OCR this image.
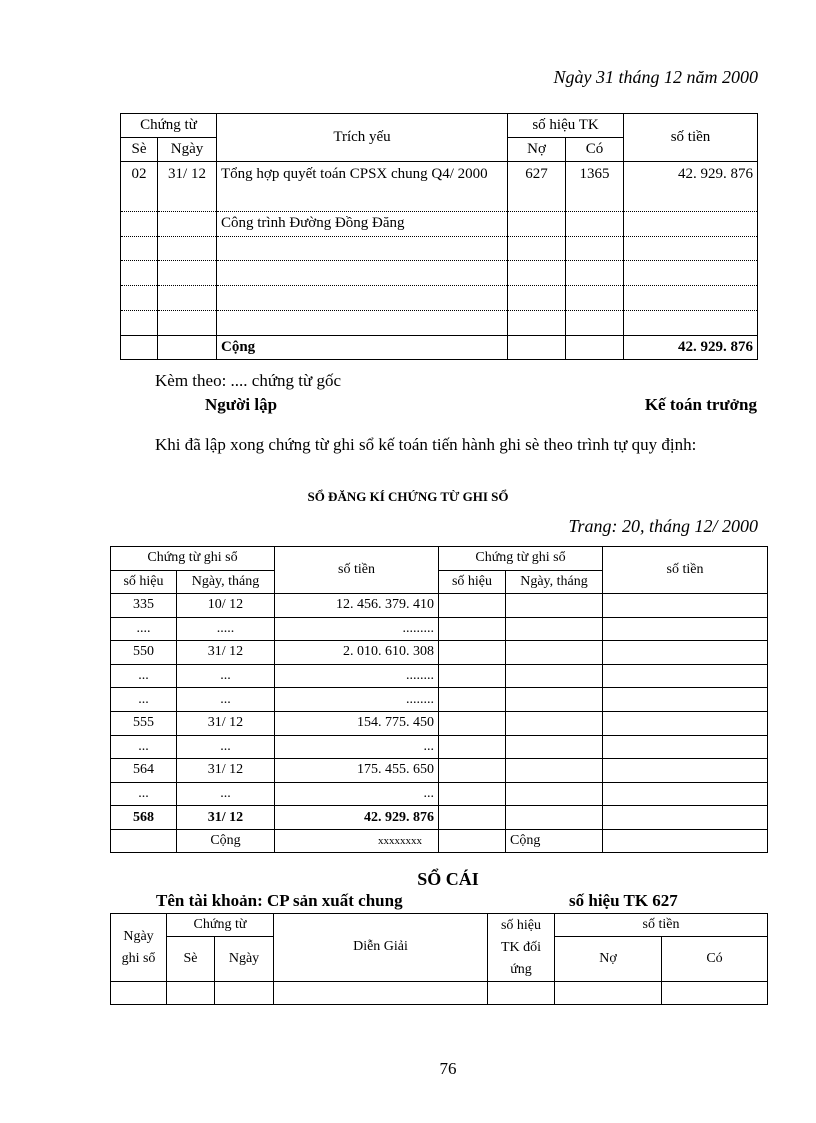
Ngày 31 tháng 12 năm 2000
Chứng từ		Trích yếu	số hiệu TK		số tiền
Sè	Ngày		Nợ	Có	
02	31/ 12	Tổng hợp quyết toán CPSX chung Q4/ 2000	627	1365	42. 929. 876
		Công trình Đường Đồng Đăng			

		Cộng			42. 929. 876
Kèm theo: .... chứng từ gốc
Người lập	Kế toán trưởng
Khi đã lập xong chứng từ ghi sổ kế toán tiến hành ghi sè theo trình tự quy định:
SỔ ĐĂNG KÍ CHỨNG TỪ GHI SỔ
Trang: 20, tháng 12/ 2000
Chứng từ ghi sổ		số tiền	Chứng từ ghi sổ		số tiền
số hiệu	Ngày, tháng		số hiệu	Ngày, tháng	
335	10/ 12	12. 456. 379. 410			
....	.....	.........			
550	31/ 12	2. 010. 610. 308			
...	...	........			
...	...	........			
555	31/ 12	154. 775. 450			
...	...	...			
564	31/ 12	175. 455. 650			
...	...	...			
568	31/ 12	42. 929. 876			
	Cộng	xxxxxxxx		Cộng	
SỔ CÁI
Tên tài khoản: CP sản xuất chung	số hiệu TK 627
Ngày ghi sổ	Chứng từ		Diễn Giải	số hiệu TK đối ứng	số tiền	
	Sè	Ngày			Nợ	Có

76
